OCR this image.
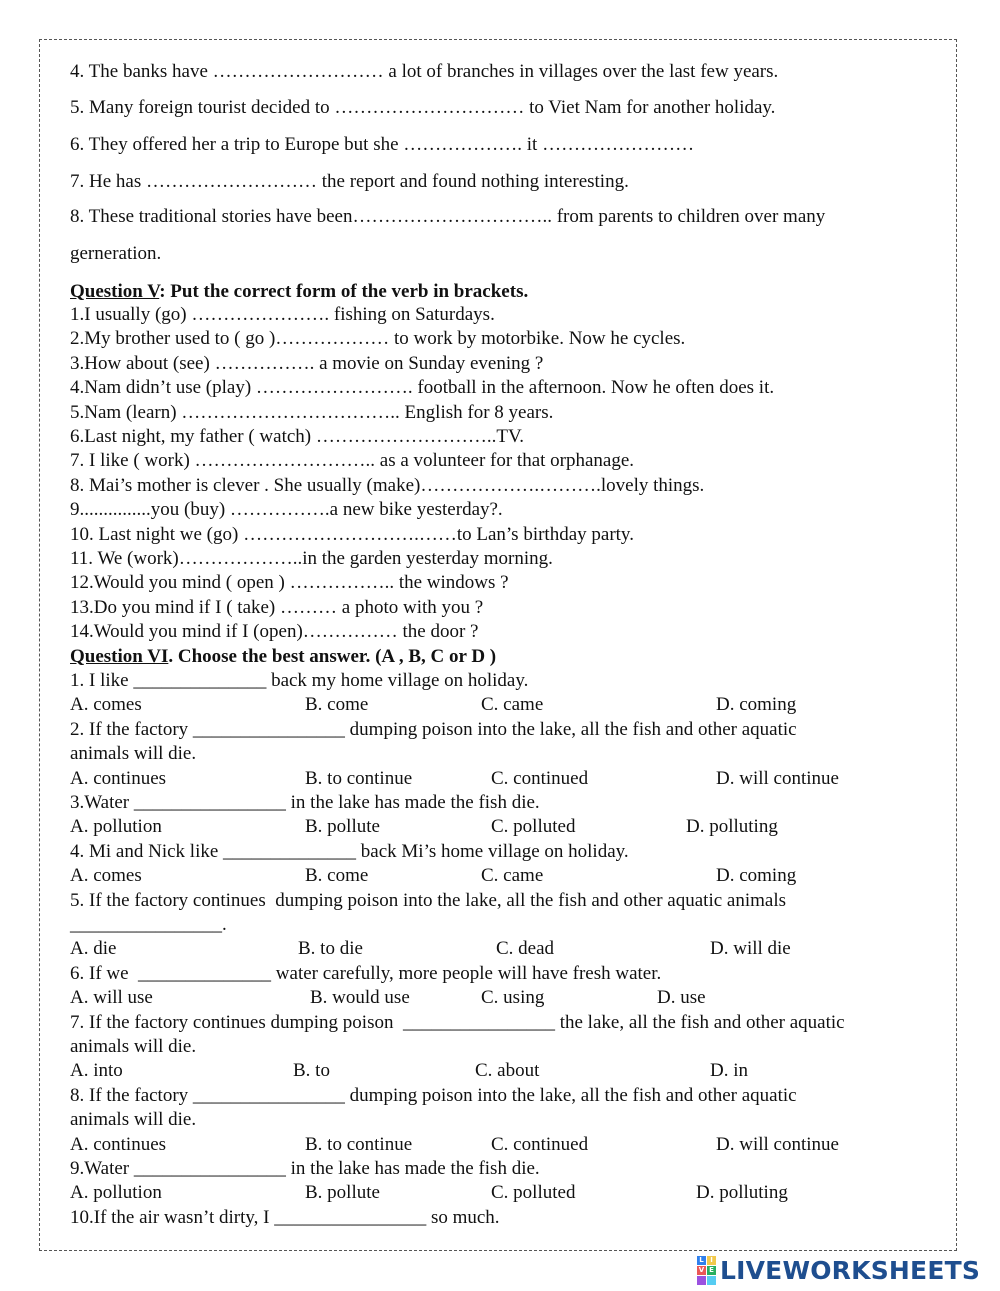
4. The banks have ……………………… a lot of branches in villages over the last few years.
5. Many foreign tourist decided to ………………………… to Viet Nam for another holiday.
6. They offered her a trip to Europe but she ………………. it ……………………
7. He has ……………………… the report and found nothing interesting.
8. These traditional stories have been………………………….. from parents to children over many
gerneration.
Question V: Put the correct form of the verb in brackets.
1.I usually (go) …………………. fishing on Saturdays.
2.My brother used to ( go )……………… to work by motorbike. Now he cycles.
3.How about (see) ……………. a movie on Sunday evening ?
4.Nam didn’t use (play) ……………………. football in the afternoon. Now he often does it.
5.Nam (learn) …………………………….. English for 8 years.
6.Last night, my father ( watch) ………………………..TV.
7. I like ( work) ……………………….. as a volunteer for that orphanage.
8. Mai’s mother is clever . She usually (make)……………….……….lovely things.
9...............you (buy) …………….a new bike yesterday?.
10. Last night we (go) ……………………….……to Lan’s birthday party.
11. We (work)………………..in the garden yesterday morning.
12.Would you mind ( open ) …………….. the windows ?
13.Do you mind if I ( take) ……… a photo with you ?
14.Would you mind if I (open)…………… the door ?
Question VI. Choose the best answer. (A , B, C or D )
1. I like ______________ back my home village on holiday.
A. comes	B. come	C. came	D. coming
2. If the factory ________________ dumping poison into the lake, all the fish and other aquatic
animals will die.
A. continues	B. to continue	C. continued	D. will continue
3.Water ________________ in the lake has made the fish die.
A. pollution	B. pollute	C. polluted	D. polluting
4. Mi and Nick like ______________ back Mi’s home village on holiday.
A. comes	B. come	C. came	D. coming
5. If the factory continues  dumping poison into the lake, all the fish and other aquatic animals
________________.
A. die	B. to die	C. dead	D. will die
6. If we  ______________ water carefully, more people will have fresh water.
A. will use	B. would use	C. using	D. use
7. If the factory continues dumping poison  ________________ the lake, all the fish and other aquatic
animals will die.
A. into	B. to	C. about	D. in
8. If the factory ________________ dumping poison into the lake, all the fish and other aquatic
animals will die.
A. continues	B. to continue	C. continued	D. will continue
9.Water ________________ in the lake has made the fish die.
A. pollution	B. pollute	C. polluted	D. polluting
10.If the air wasn’t dirty, I ________________ so much.
L I
V E LIVEWORKSHEETS
